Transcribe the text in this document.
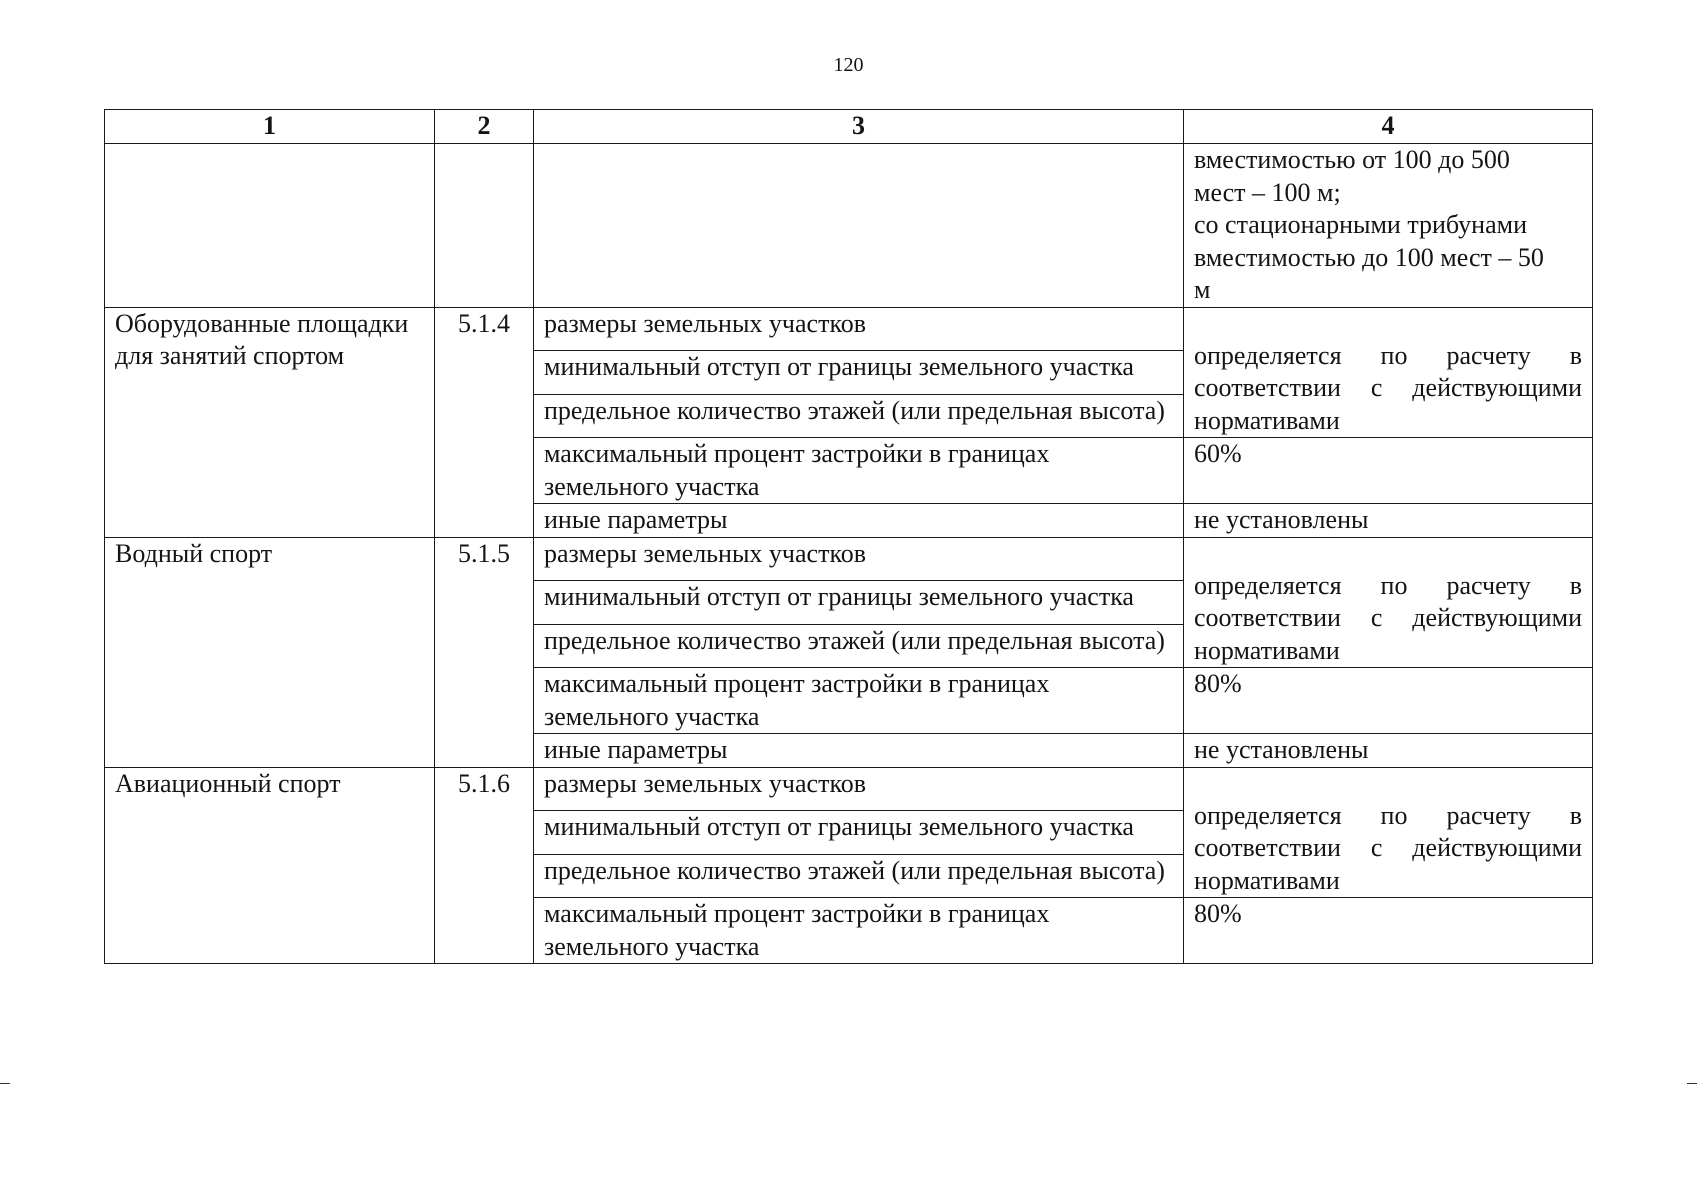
120
1	2	3	4

			вместимостью от 100 до 500
мест – 100 м;
со стационарными трибунами
вместимостью до 100 мест – 50
м

Оборудованные площадки для занятий спортом	5.1.4	размеры земельных участков	определяется по расчету в соответствии с действующими нормативами
		минимальный отступ от границы земельного участка	
		предельное количество этажей (или предельная высота)	
		максимальный процент застройки в границах земельного участка	60%
		иные параметры	не установлены
Водный спорт	5.1.5	размеры земельных участков	определяется по расчету в соответствии с действующими нормативами
		минимальный отступ от границы земельного участка	
		предельное количество этажей (или предельная высота)	
		максимальный процент застройки в границах земельного участка	80%
		иные параметры	не установлены
Авиационный спорт	5.1.6	размеры земельных участков	определяется по расчету в соответствии с действующими нормативами
		минимальный отступ от границы земельного участка	
		предельное количество этажей (или предельная высота)	
		максимальный процент застройки в границах земельного участка	80%
